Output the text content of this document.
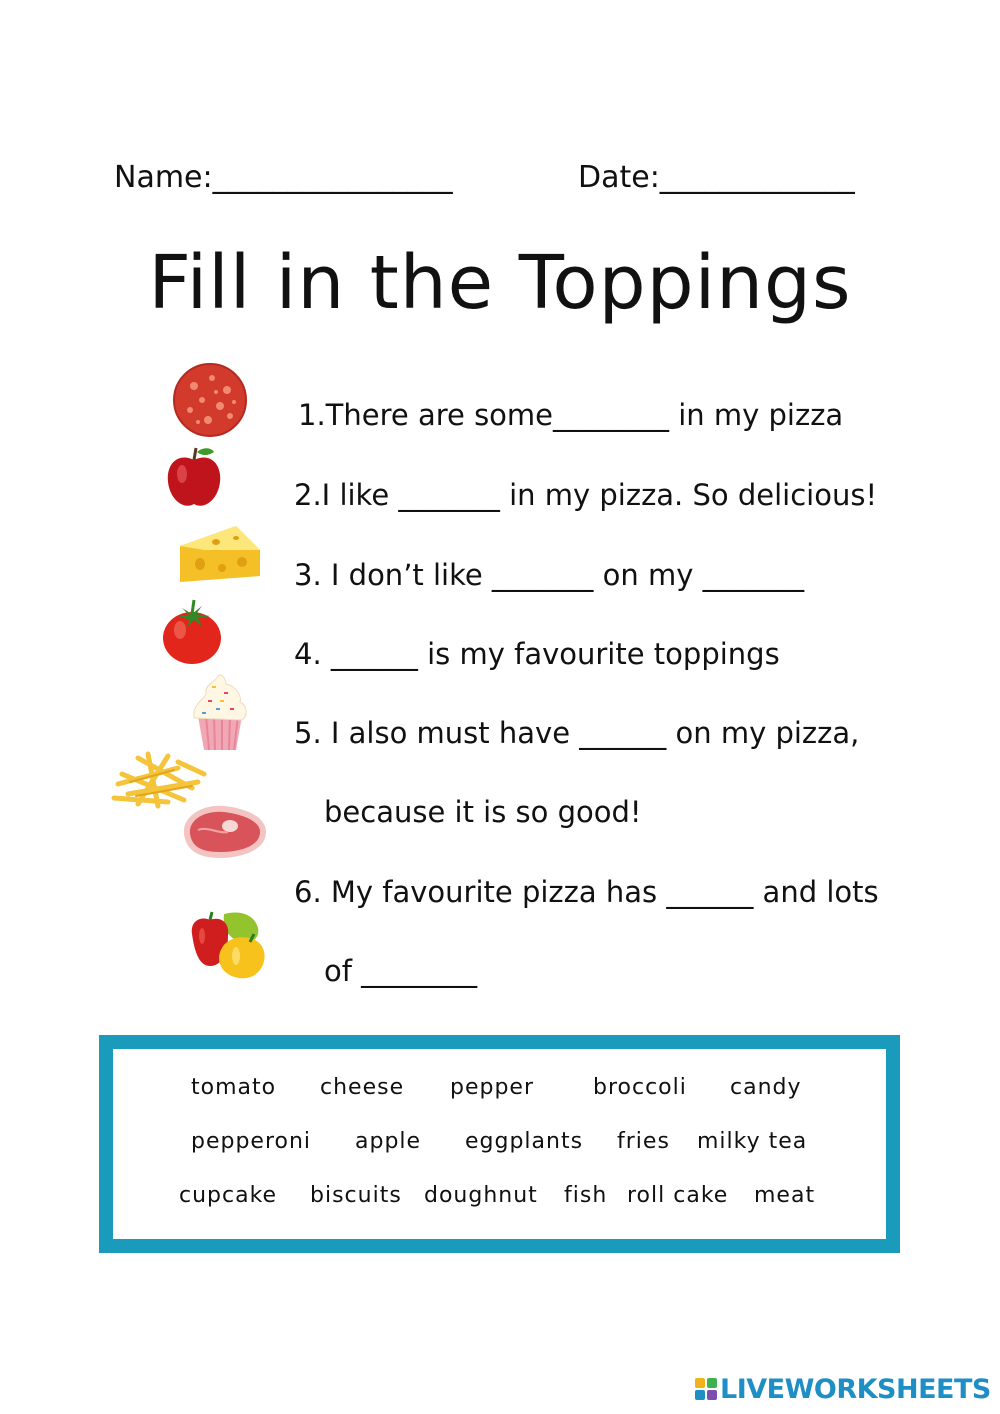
Name:________________	Date:_____________
Fill in the Toppings
1.There are some________ in my pizza
2.I like _______ in my pizza. So delicious!
3. I don’t like _______ on my _______
4. ______ is my favourite toppings
5. I also must have ______ on my pizza,
because it is so good!
6. My favourite pizza has ______ and lots
of ________
tomato cheese pepper	broccoli candy
pepperoni apple eggplants fries milky tea
cupcake biscuits doughnut fish roll cake meat
LIVEWORKSHEETS
